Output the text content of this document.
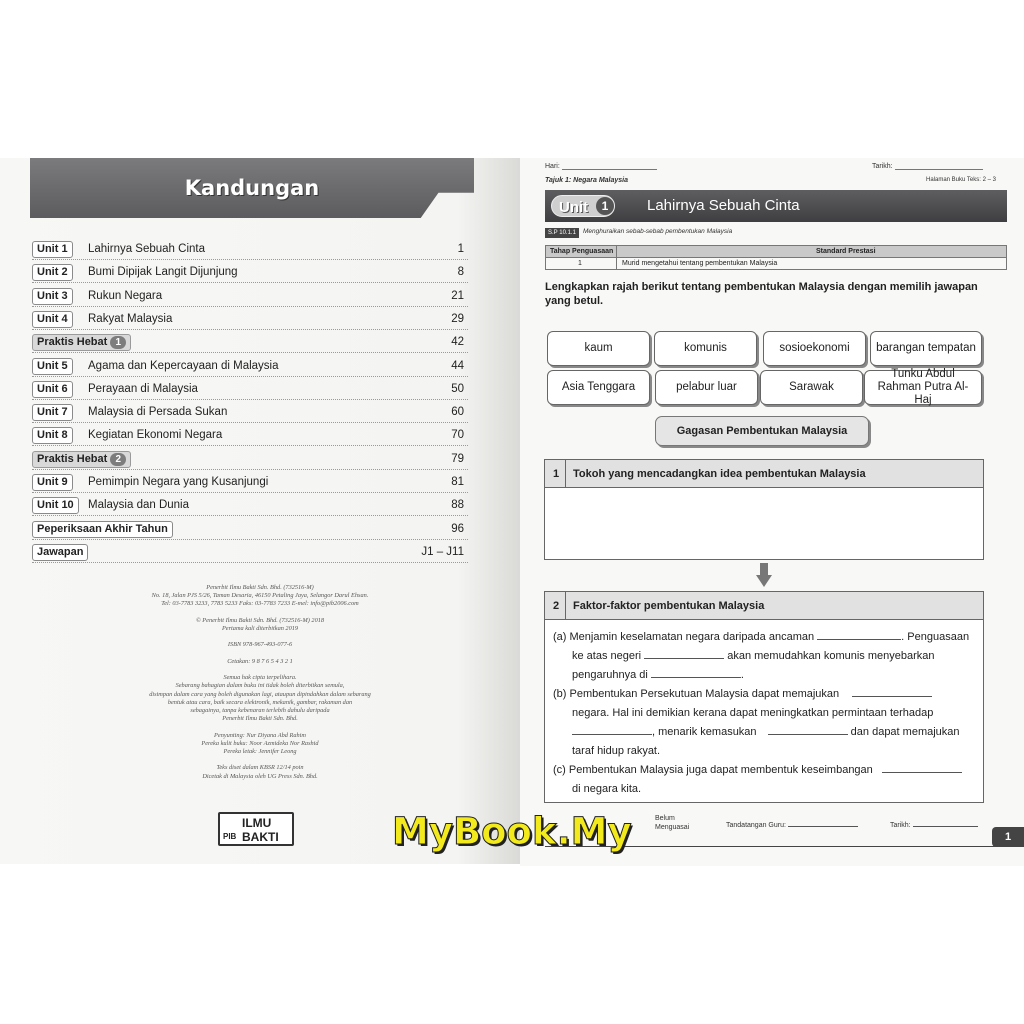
Kandungan
Unit 1	Lahirnya Sebuah Cinta	1
Unit 2	Bumi Dipijak Langit Dijunjung	8
Unit 3	Rukun Negara	21
Unit 4	Rakyat Malaysia	29
Praktis Hebat 1	42
Unit 5	Agama dan Kepercayaan di Malaysia	44
Unit 6	Perayaan di Malaysia	50
Unit 7	Malaysia di Persada Sukan	60
Unit 8	Kegiatan Ekonomi Negara	70
Praktis Hebat 2	79
Unit 9	Pemimpin Negara yang Kusanjungi	81
Unit 10	Malaysia dan Dunia	88
Peperiksaan Akhir Tahun	96
Jawapan	J1 – J11
Penerbit Ilmu Bakti Sdn. Bhd. (732516-M)
No. 18, Jalan PJS 5/26, Taman Desaria, 46150 Petaling Jaya, Selangor Darul Ehsan.
Tel: 03-7783 3233, 7783 5233 Faks: 03-7783 7233 E-mel: info@pib2006.com
© Penerbit Ilmu Bakti Sdn. Bhd. (732516-M) 2018
Pertama kali diterbitkan 2019
ISBN 978-967-493-077-6
Cetakan: 9 8 7 6 5 4 3 2 1
Semua hak cipta terpelihara.
Sebarang bahagian dalam buku ini tidak boleh diterbitkan semula,
disimpan dalam cara yang boleh digunakan lagi, ataupun dipindahkan dalam sebarang
bentuk atau cara, baik secara elektronik, mekanik, gambar, rakaman dan
sebagainya, tanpa kebenaran terlebih dahulu daripada
Penerbit Ilmu Bakti Sdn. Bhd.
Penyunting: Nur Diyana Abd Rahim
Pereka kulit buku: Noor Azmideka Nor Rashid
Pereka letak: Jennifer Leong
Teks diset dalam KBSR 12/14 poin
Dicetak di Malaysia oleh UG Press Sdn. Bhd.
PIB
ILMU BAKTI
Hari:	Tarikh:
Tajuk 1: Negara Malaysia	Halaman Buku Teks: 2 – 3
Unit	1	Lahirnya Sebuah Cinta
S.P 10.1.1	Menghuraikan sebab-sebab pembentukan Malaysia
Tahap Penguasaan	Standard Prestasi
1	Murid mengetahui tentang pembentukan Malaysia
Lengkapkan rajah berikut tentang pembentukan Malaysia dengan memilih jawapan yang betul.
kaum	komunis	sosioekonomi	barangan tempatan
Asia Tenggara	pelabur luar	Sarawak
Tunku Abdul Rahman Putra Al-Haj
Gagasan Pembentukan Malaysia
1 Tokoh yang mencadangkan idea pembentukan Malaysia
2 Faktor-faktor pembentukan Malaysia
(a) Menjamin keselamatan negara daripada ancaman	. Penguasaan
ke atas negeri	akan memudahkan komunis menyebarkan
pengaruhnya di	.
(b) Pembentukan Persekutuan Malaysia dapat memajukan
negara. Hal ini demikian kerana dapat meningkatkan permintaan terhadap
, menarik kemasukan	dan dapat memajukan
taraf hidup rakyat.
(c) Pembentukan Malaysia juga dapat membentuk keseimbangan
di negara kita.
Belum
Menguasai	Tandatangan Guru:	Tarikh:
1
MyBook.My
